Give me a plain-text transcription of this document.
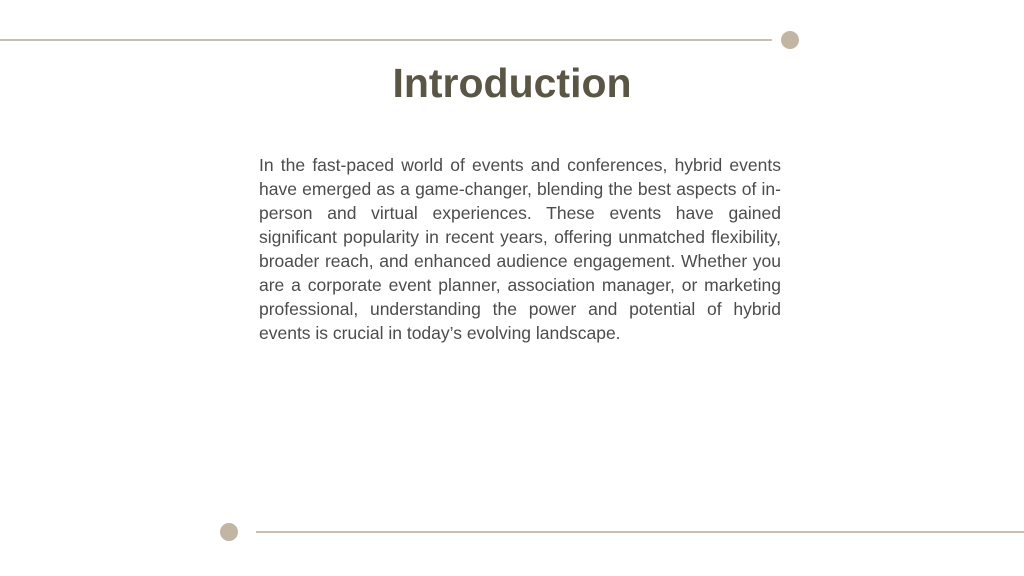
Introduction

In the fast-paced world of events and conferences, hybrid events have emerged as a game-changer, blending the best aspects of in-person and virtual experiences. These events have gained significant popularity in recent years, offering unmatched flexibility, broader reach, and enhanced audience engagement. Whether you are a corporate event planner, association manager, or marketing professional, understanding the power and potential of hybrid events is crucial in today’s evolving landscape.
